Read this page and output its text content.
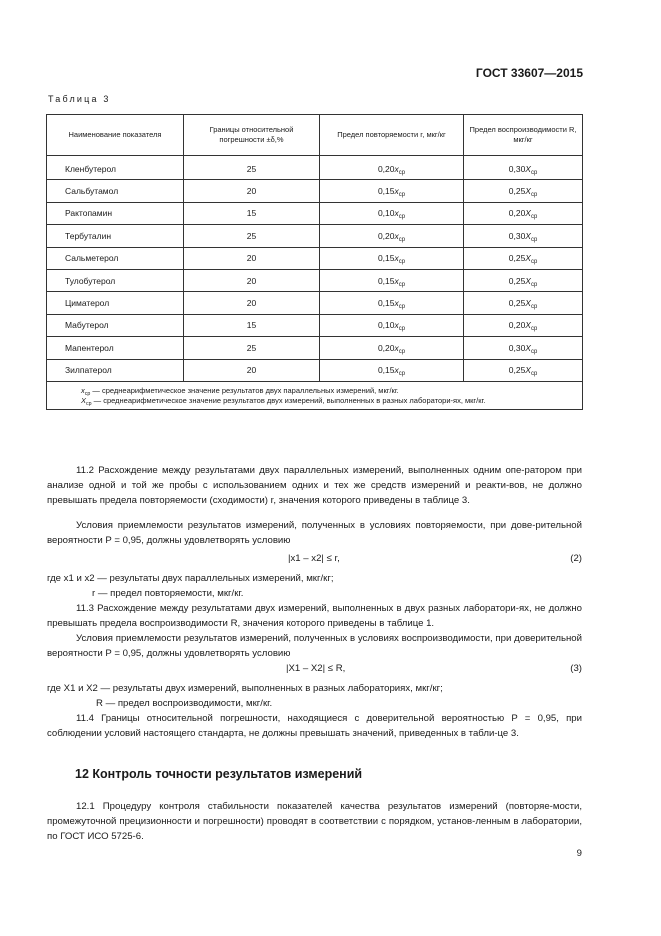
ГОСТ 33607—2015
Таблица 3
Наименование показателя	Границы относительной погрешности ±δ,%	Предел повторяемости r, мкг/кг	Предел воспроизводимости R, мкг/кг
Кленбутерол	25	$0,20x_{ср}$	$0,30X_{ср}$
Сальбутамол	20	$0,15x_{ср}$	$0,25X_{ср}$
Рактопамин	15	$0,10x_{ср}$	$0,20X_{ср}$
Тербуталин	25	$0,20x_{ср}$	$0,30X_{ср}$
Сальметерол	20	$0,15x_{ср}$	$0,25X_{ср}$
Тулобутерол	20	$0,15x_{ср}$	$0,25X_{ср}$
Циматерол	20	$0,15x_{ср}$	$0,25X_{ср}$
Мабутерол	15	$0,10x_{ср}$	$0,20X_{ср}$
Мапентерол	25	$0,20x_{ср}$	$0,30X_{ср}$
Зилпатерол	20	$0,15x_{ср}$	$0,25X_{ср}$

$x_{ср}$ — среднеарифметическое значение результатов двух параллельных измерений, мкг/кг.
$X_{ср}$ — среднеарифметическое значение результатов двух измерений, выполненных в разных лаборатори-ях, мкг/кг.			
11.2 Расхождение между результатами двух параллельных измерений, выполненных одним опе-ратором при анализе одной и той же пробы с использованием одних и тех же средств измерений и реакти-вов, не должно превышать предела повторяемости (сходимости) r, значения которого приведены в таблице 3.
Условия приемлемости результатов измерений, полученных в условиях повторяемости, при дове-рительной вероятности P = 0,95, должны удовлетворять условию
|x1 – x2| ≤ r,	(2)
где x1 и x2 — результаты двух параллельных измерений, мкг/кг;
r — предел повторяемости, мкг/кг.
11.3 Расхождение между результатами двух измерений, выполненных в двух разных лаборатори-ях, не должно превышать предела воспроизводимости R, значения которого приведены в таблице 1.
Условия приемлемости результатов измерений, полученных в условиях воспроизводимости, при доверительной вероятности P = 0,95, должны удовлетворять условию
|X1 – X2| ≤ R,	(3)
где X1 и X2 — результаты двух измерений, выполненных в разных лабораториях, мкг/кг;
R — предел воспроизводимости, мкг/кг.
11.4 Границы относительной погрешности, находящиеся с доверительной вероятностью P = 0,95, при соблюдении условий настоящего стандарта, не должны превышать значений, приведенных в табли-це 3.
12 Контроль точности результатов измерений
12.1 Процедуру контроля стабильности показателей качества результатов измерений (повторяе-мости, промежуточной прецизионности и погрешности) проводят в соответствии с порядком, установ-ленным в лаборатории, по ГОСТ ИСО 5725-6.
9
